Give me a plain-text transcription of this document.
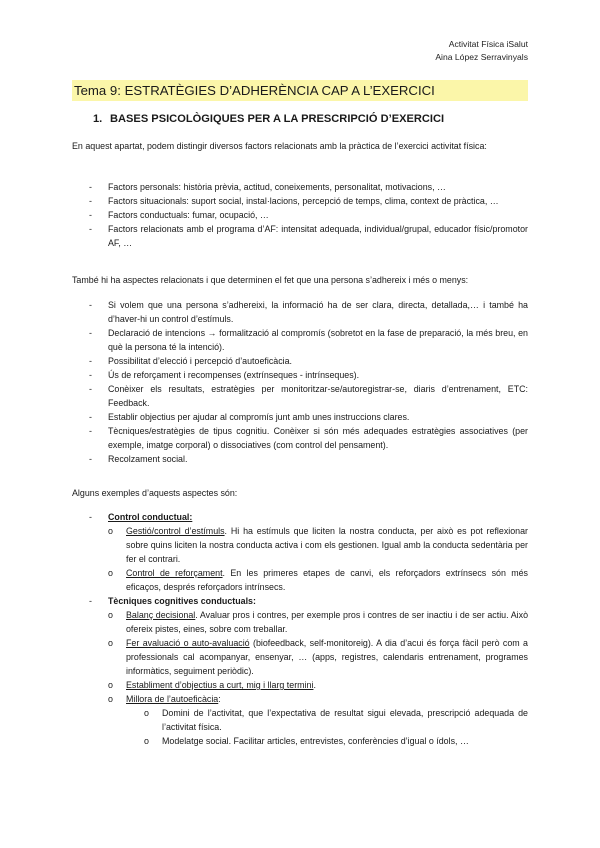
Activitat Física iSalut
Aina López Serravinyals
Tema 9: ESTRATÈGIES D’ADHERÈNCIA CAP A L’EXERCICI
1. BASES PSICOLÒGIQUES PER A LA PRESCRIPCIÓ D’EXERCICI
En aquest apartat, podem distingir diversos factors relacionats amb la pràctica de l’exercici activitat física:
- Factors personals: història prèvia, actitud, coneixements, personalitat, motivacions, …
- Factors situacionals: suport social, instal·lacions, percepció de temps, clima, context de pràctica, …
- Factors conductuals: fumar, ocupació, …
- Factors relacionats amb el programa d’AF: intensitat adequada, individual/grupal, educador físic/promotor AF, …
També hi ha aspectes relacionats i que determinen el fet que una persona s’adhereix i més o menys:
- Si volem que una persona s’adhereixi, la informació ha de ser clara, directa, detallada,… i també ha d’haver-hi un control d’estímuls.
- Declaració de intencions → formalització al compromís (sobretot en la fase de preparació, la més breu, en què la persona té la intenció).
- Possibilitat d’elecció i percepció d’autoeficàcia.
- Ús de reforçament i recompenses (extrínseques - intrínseques).
- Conèixer els resultats, estratègies per monitoritzar-se/autoregistrar-se, diaris d’entrenament, ETC: Feedback.
- Establir objectius per ajudar al compromís junt amb unes instruccions clares.
- Tècniques/estratègies de tipus cognitiu. Conèixer si són més adequades estratègies associatives (per exemple, imatge corporal) o dissociatives (com control del pensament).
- Recolzament social.
Alguns exemples d’aquests aspectes són:
- Control conductual:
o Gestió/control d’estímuls. Hi ha estímuls que liciten la nostra conducta, per això es pot reflexionar sobre quins liciten la nostra conducta activa i com els gestionen. Igual amb la conducta sedentària per fer el contrari.
o Control de reforçament. En les primeres etapes de canvi, els reforçadors extrínsecs són més eficaços, després reforçadors intrínsecs.
- Tècniques cognitives conductuals:
o Balanç decisional. Avaluar pros i contres, per exemple pros i contres de ser inactiu i de ser actiu. Això ofereix pistes, eines, sobre com treballar.
o Fer avaluació o auto-avaluació (biofeedback, self-monitoreig). A dia d’acui és força fàcil però com a professionals cal acompanyar, ensenyar, … (apps, registres, calendaris entrenament, programes informàtics, seguiment periòdic).
o Establiment d’objectius a curt, mig i llarg termini.
o Millora de l’autoeficàcia:
o Domini de l’activitat, que l’expectativa de resultat sigui elevada, prescripció adequada de l’activitat física.
o Modelatge social. Facilitar articles, entrevistes, conferències d’igual o ídols, …
